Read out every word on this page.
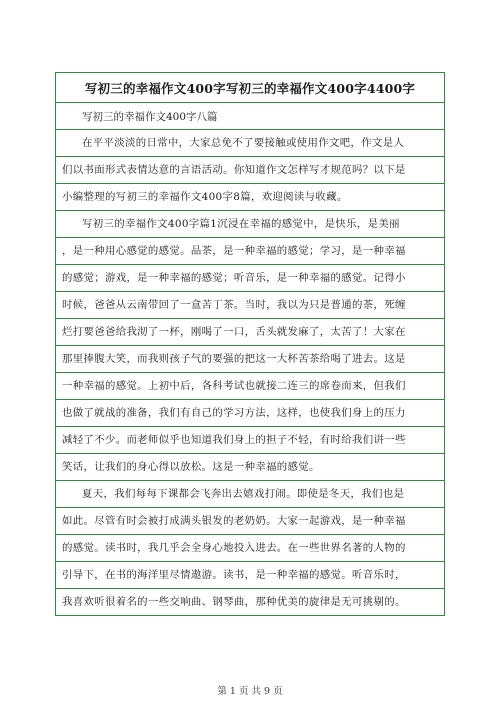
写初三的幸福作文400字写初三的幸福作文400字4400字
写初三的幸福作文400字八篇
在平平淡淡的日常中，大家总免不了要接触或使用作文吧，作文是人
们以书面形式表情达意的言语活动。你知道作文怎样写才规范吗？以下是
小编整理的写初三的幸福作文400字8篇，欢迎阅读与收藏。
写初三的幸福作文400字篇1沉浸在幸福的感觉中，是快乐，是美丽
，是一种用心感觉的感觉。品茶，是一种幸福的感觉；学习，是一种幸福
的感觉；游戏，是一种幸福的感觉；听音乐，是一种幸福的感觉。记得小
时候，爸爸从云南带回了一盒苦丁茶。当时，我以为只是普通的茶，死缠
烂打要爸爸给我沏了一杯，刚喝了一口，舌头就发麻了，太苦了！大家在
那里捧腹大笑，而我则孩子气的要强的把这一大杯苦茶给喝了进去。这是
一种幸福的感觉。上初中后，各科考试也就接二连三的席卷而来，但我们
也做了就战的准备，我们有自己的学习方法，这样，也使我们身上的压力
减轻了不少。而老师似乎也知道我们身上的担子不轻，有时给我们讲一些
笑话，让我们的身心得以放松。这是一种幸福的感觉。
夏天，我们每每下课都会飞奔出去嬉戏打闹。即使是冬天，我们也是
如此。尽管有时会被打成满头银发的老奶奶。大家一起游戏，是一种幸福
的感觉。读书时，我几乎会全身心地投入进去。在一些世界名著的人物的
引导下，在书的海洋里尽情遨游。读书，是一种幸福的感觉。听音乐时，
我喜欢听很着名的一些交响曲、钢琴曲，那种优美的旋律是无可挑剔的。
第 1 页 共 9 页
